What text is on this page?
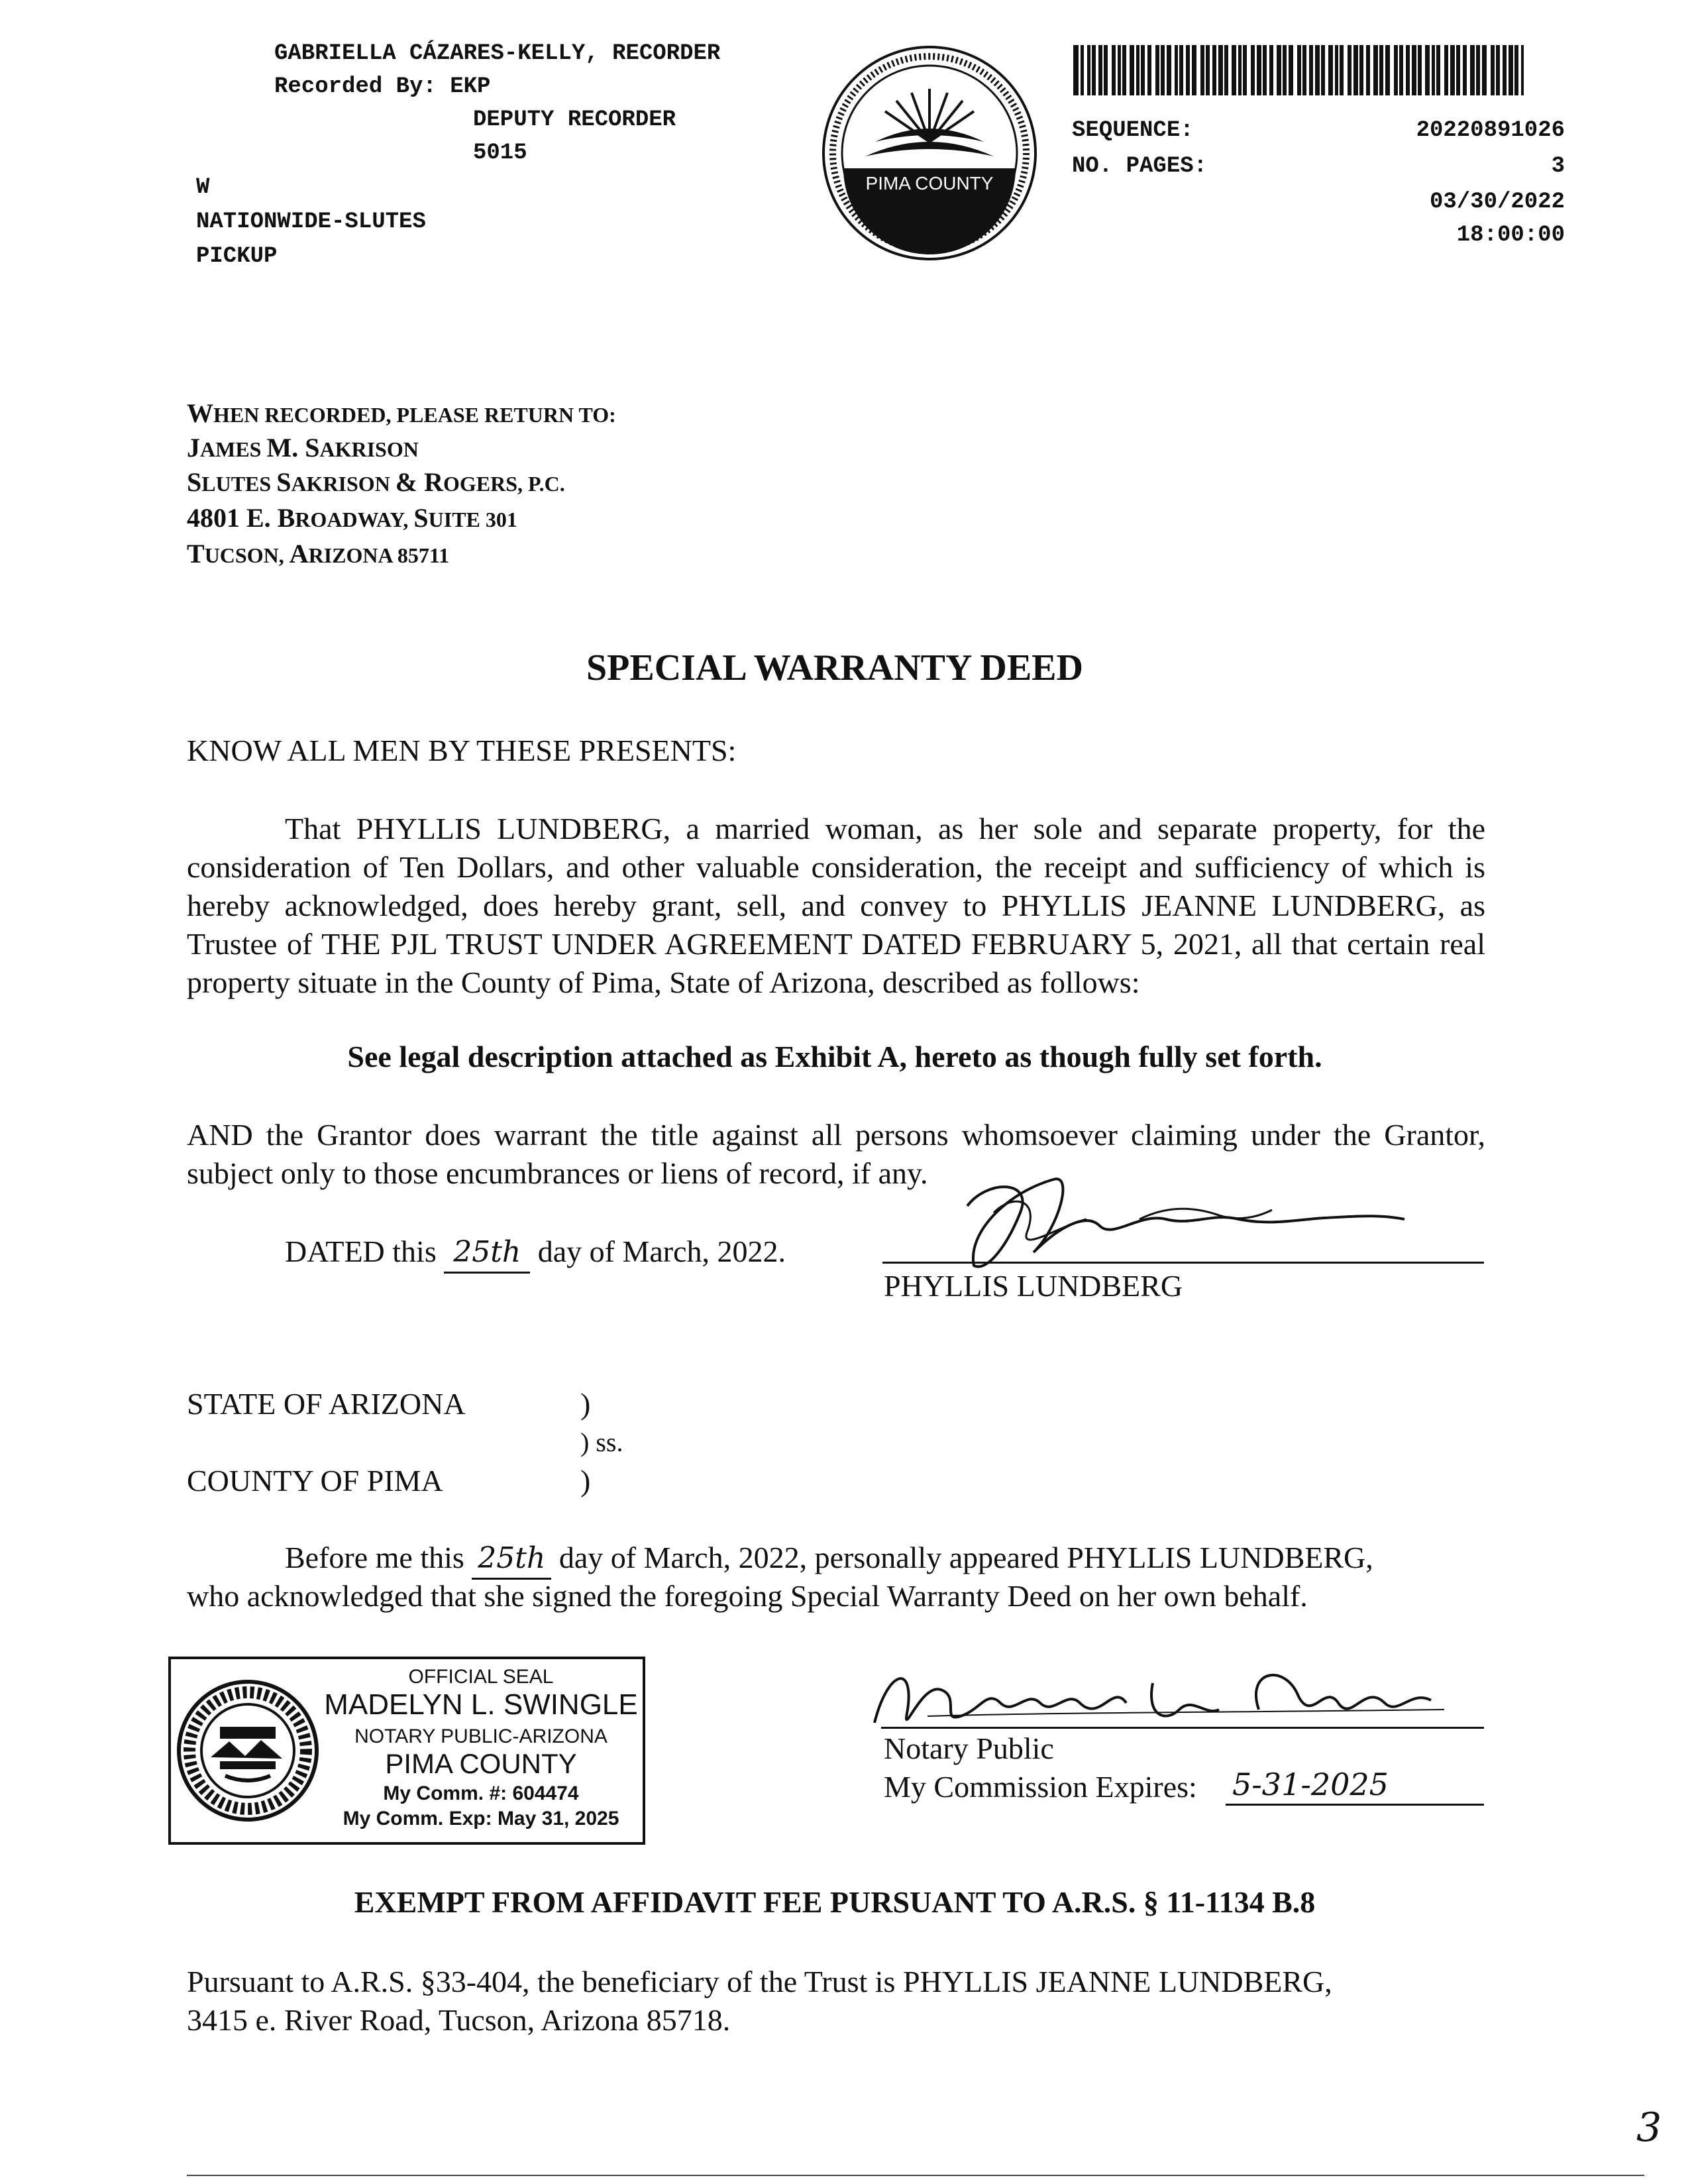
GABRIELLA CÁZARES-KELLY, RECORDER
Recorded By: EKP
DEPUTY RECORDER
5015
W
NATIONWIDE-SLUTES
PICKUP
PIMA COUNTY
SEQUENCE:	20220891026
NO. PAGES:	3
03/30/2022
18:00:00
WHEN RECORDED, PLEASE RETURN TO:
JAMES M. SAKRISON
SLUTES SAKRISON & ROGERS, P.C.
4801 E. BROADWAY, SUITE 301
TUCSON, ARIZONA 85711
SPECIAL WARRANTY DEED
KNOW ALL MEN BY THESE PRESENTS:

That PHYLLIS LUNDBERG, a married woman, as her sole and separate property, for the consideration of Ten Dollars, and other valuable consideration, the receipt and sufficiency of which is hereby acknowledged, does hereby grant, sell, and convey to PHYLLIS JEANNE LUNDBERG, as Trustee of THE PJL TRUST UNDER AGREEMENT DATED FEBRUARY 5, 2021, all that certain real property situate in the County of Pima, State of Arizona, described as follows:

See legal description attached as Exhibit A, hereto as though fully set forth.

AND the Grantor does warrant the title against all persons whomsoever claiming under the Grantor, subject only to those encumbrances or liens of record, if any.

DATED this 25th day of March, 2022.
PHYLLIS LUNDBERG
STATE OF ARIZONA	)
) ss.
COUNTY OF PIMA	)
Before me this 25th day of March, 2022, personally appeared PHYLLIS LUNDBERG,
who acknowledged that she signed the foregoing Special Warranty Deed on her own behalf.
OFFICIAL SEAL
MADELYN L. SWINGLE
NOTARY PUBLIC-ARIZONA
PIMA COUNTY
My Comm. #: 604474
My Comm. Exp: May 31, 2025
Notary Public
My Commission Expires: 5-31-2025
EXEMPT FROM AFFIDAVIT FEE PURSUANT TO A.R.S. § 11-1134 B.8
Pursuant to A.R.S. §33-404, the beneficiary of the Trust is PHYLLIS JEANNE LUNDBERG,
3415 e. River Road, Tucson, Arizona 85718.
3
